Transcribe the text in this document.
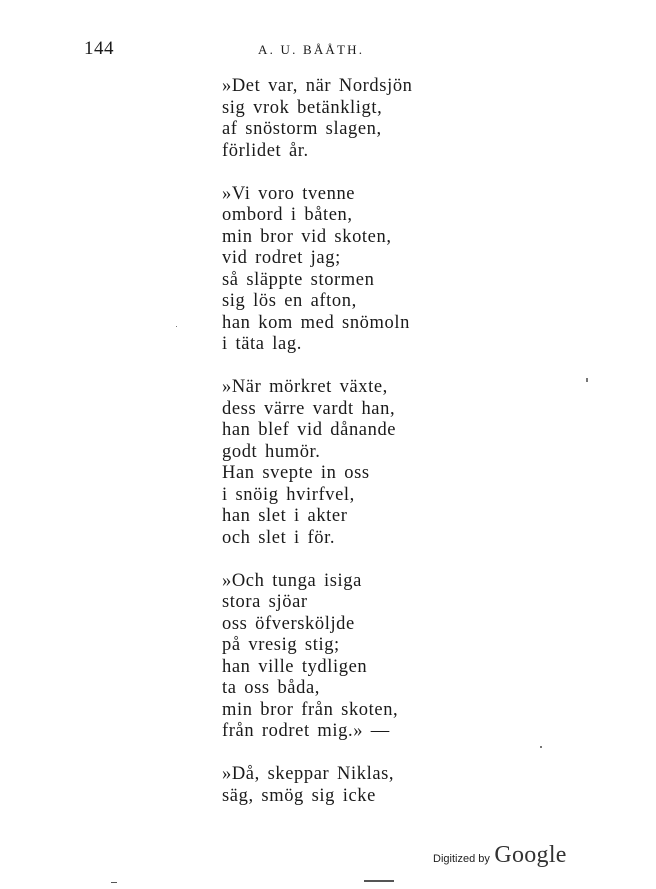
144	A. U. BÅÅTH.
»Det var, när Nordsjön
sig vrok betänkligt,
af snöstorm slagen,
förlidet år.
»Vi voro tvenne
ombord i båten,
min bror vid skoten,
vid rodret jag;
så släppte stormen
sig lös en afton,
han kom med snömoln
i täta lag.
»När mörkret växte,
dess värre vardt han,
han blef vid dånande
godt humör.
Han svepte in oss
i snöig hvirfvel,
han slet i akter
och slet i för.
»Och tunga isiga
stora sjöar
oss öfversköljde
på vresig stig;
han ville tydligen
ta oss båda,
min bror från skoten,
från rodret mig.» —
»Då, skeppar Niklas,
säg, smög sig icke
Digitized by Google
